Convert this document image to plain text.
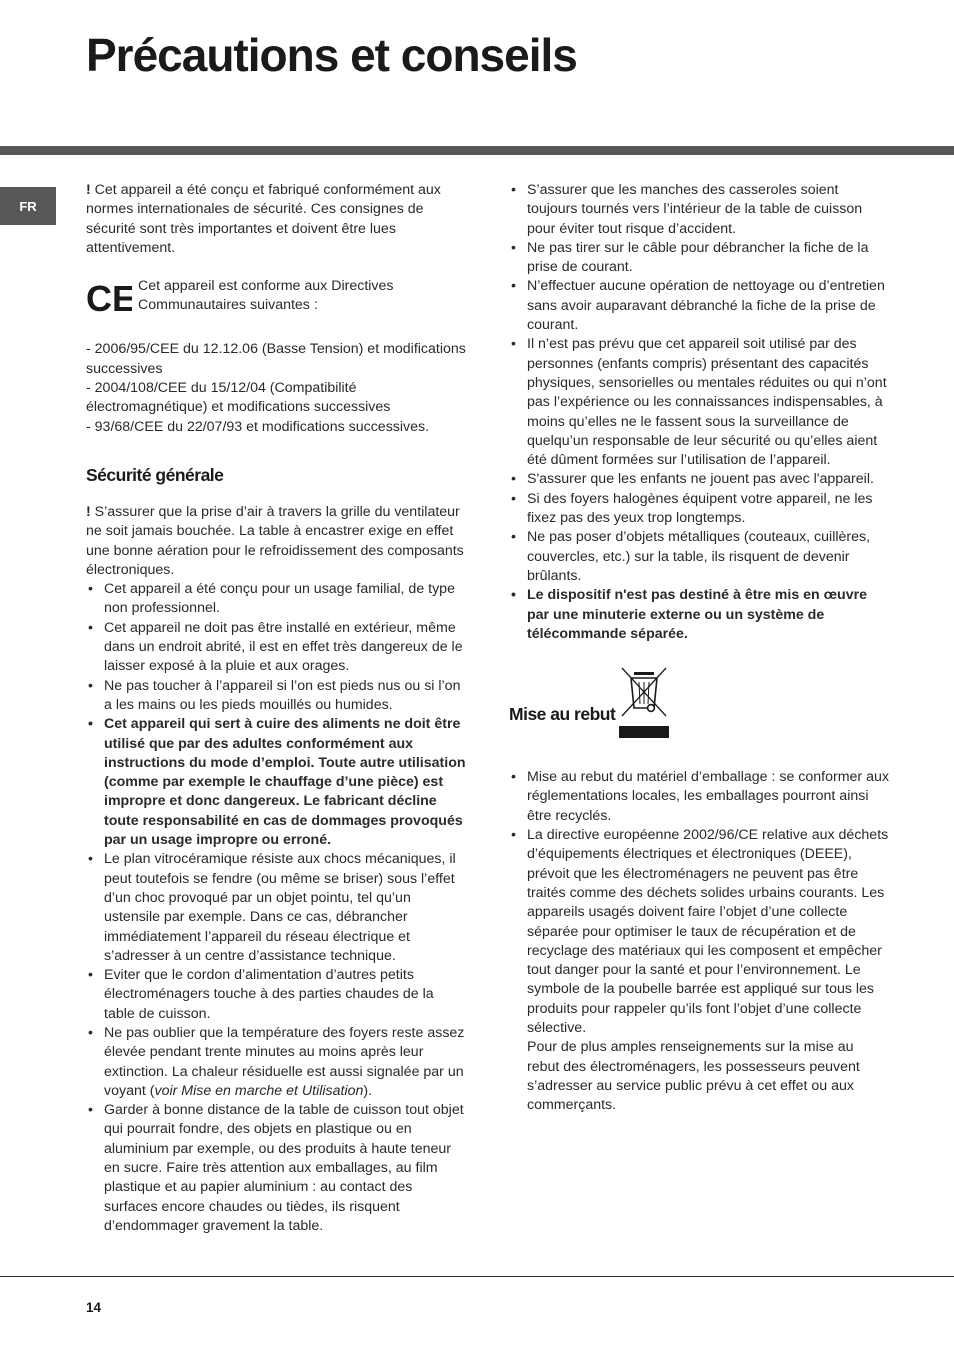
Précautions et conseils
FR

! Cet appareil a été conçu et fabriqué conformément aux normes internationales de sécurité. Ces consignes de sécurité sont très importantes et doivent être lues attentivement.

CE Cet appareil est conforme aux Directives Communautaires suivantes :

- 2006/95/CEE du 12.12.06 (Basse Tension) et modifications successives

- 2004/108/CEE du 15/12/04 (Compatibilité électromagnétique) et modifications successives

- 93/68/CEE du 22/07/93 et modifications successives.

Sécurité générale

! S’assurer que la prise d’air à travers la grille du ventilateur ne soit jamais bouchée. La table à encastrer exige en effet une bonne aération pour le refroidissement des composants électroniques.

• Cet appareil a été conçu pour un usage familial, de type non professionnel.
• Cet appareil ne doit pas être installé en extérieur, même dans un endroit abrité, il est en effet très dangereux de le laisser exposé à la pluie et aux orages.
• Ne pas toucher à l’appareil si l’on est pieds nus ou si l’on a les mains ou les pieds mouillés ou humides.
• Cet appareil qui sert à cuire des aliments ne doit être utilisé que par des adultes conformément aux instructions du mode d’emploi. Toute autre utilisation (comme par exemple le chauffage d’une pièce) est impropre et donc dangereux. Le fabricant décline toute responsabilité en cas de dommages provoqués par un usage impropre ou erroné.
• Le plan vitrocéramique résiste aux chocs mécaniques, il peut toutefois se fendre (ou même se briser) sous l’effet d’un choc provoqué par un objet pointu, tel qu’un ustensile par exemple. Dans ce cas, débrancher immédiatement l’appareil du réseau électrique et s’adresser à un centre d’assistance technique.
• Eviter que le cordon d’alimentation d’autres petits électroménagers touche à des parties chaudes de la table de cuisson.
• Ne pas oublier que la température des foyers reste assez élevée pendant trente minutes au moins après leur extinction. La chaleur résiduelle est aussi signalée par un voyant (voir Mise en marche et Utilisation).
• Garder à bonne distance de la table de cuisson tout objet qui pourrait fondre, des objets en plastique ou en aluminium par exemple, ou des produits à haute teneur en sucre. Faire très attention aux emballages, au film plastique et au papier aluminium : au contact des surfaces encore chaudes ou tièdes, ils risquent d’endommager gravement la table.
• S’assurer que les manches des casseroles soient toujours tournés vers l’intérieur de la table de cuisson pour éviter tout risque d’accident.
• Ne pas tirer sur le câble pour débrancher la fiche de la prise de courant.
• N’effectuer aucune opération de nettoyage ou d’entretien sans avoir auparavant débranché la fiche de la prise de courant.
• Il n’est pas prévu que cet appareil soit utilisé par des personnes (enfants compris) présentant des capacités physiques, sensorielles ou mentales réduites ou qui n’ont pas l’expérience ou les connaissances indispensables, à moins qu’elles ne le fassent sous la surveillance de quelqu’un responsable de leur sécurité ou qu’elles aient été dûment formées sur l’utilisation de l’appareil.
• S'assurer que les enfants ne jouent pas avec l'appareil.
• Si des foyers halogènes équipent votre appareil, ne les fixez pas des yeux trop longtemps.
• Ne pas poser d’objets métalliques (couteaux, cuillères, couvercles, etc.) sur la table, ils risquent de devenir brûlants.
• Le dispositif n'est pas destiné à être mis en œuvre par une minuterie externe ou un système de télécommande séparée.
Mise au rebut
• Mise au rebut du matériel d’emballage : se conformer aux réglementations locales, les emballages pourront ainsi être recyclés.
• La directive européenne 2002/96/CE relative aux déchets d’équipements électriques et électroniques (DEEE), prévoit que les électroménagers ne peuvent pas être traités comme des déchets solides urbains courants. Les appareils usagés doivent faire l’objet d’une collecte séparée pour optimiser le taux de récupération et de recyclage des matériaux qui les composent et empêcher tout danger pour la santé et pour l’environnement. Le symbole de la poubelle barrée est appliqué sur tous les produits pour rappeler qu’ils font l’objet d’une collecte sélective.

Pour de plus amples renseignements sur la mise au rebut des électroménagers, les possesseurs peuvent s’adresser au service public prévu à cet effet ou aux commerçants.

14
